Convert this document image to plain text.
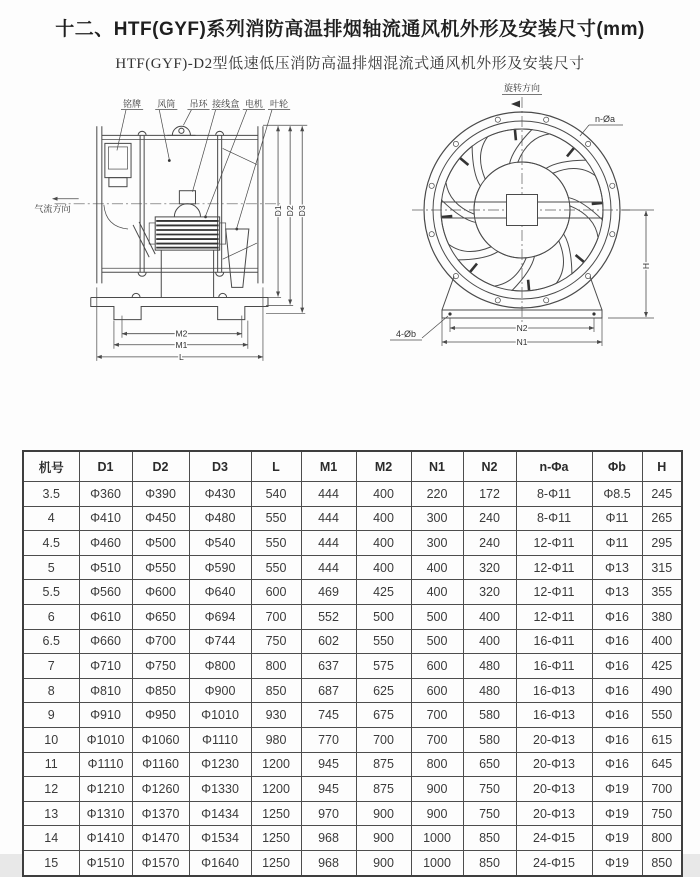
十二、HTF(GYF)系列消防高温排烟轴流通风机外形及安装尺寸(mm)
HTF(GYF)-D2型低速低压消防高温排烟混流式通风机外形及安装尺寸
铭牌 风筒 吊环 接线盒 电机 叶轮
气流方向	D1 D2 D3
M2
M1
L
旋转方向
n-Øa
4-Øb
N2
N1
H
机号	D1	D2	D3	L	M1	M2	N1	N2	n-Φa	Φb	H
3.5	Φ360	Φ390	Φ430	540	444	400	220	172	8-Φ11	Φ8.5	245
4	Φ410	Φ450	Φ480	550	444	400	300	240	8-Φ11	Φ11	265
4.5	Φ460	Φ500	Φ540	550	444	400	300	240	12-Φ11	Φ11	295
5	Φ510	Φ550	Φ590	550	444	400	400	320	12-Φ11	Φ13	315
5.5	Φ560	Φ600	Φ640	600	469	425	400	320	12-Φ11	Φ13	355
6	Φ610	Φ650	Φ694	700	552	500	500	400	12-Φ11	Φ16	380
6.5	Φ660	Φ700	Φ744	750	602	550	500	400	16-Φ11	Φ16	400
7	Φ710	Φ750	Φ800	800	637	575	600	480	16-Φ11	Φ16	425
8	Φ810	Φ850	Φ900	850	687	625	600	480	16-Φ13	Φ16	490
9	Φ910	Φ950	Φ1010	930	745	675	700	580	16-Φ13	Φ16	550
10	Φ1010	Φ1060	Φ1110	980	770	700	700	580	20-Φ13	Φ16	615
11	Φ1110	Φ1160	Φ1230	1200	945	875	800	650	20-Φ13	Φ16	645
12	Φ1210	Φ1260	Φ1330	1200	945	875	900	750	20-Φ13	Φ19	700
13	Φ1310	Φ1370	Φ1434	1250	970	900	900	750	20-Φ13	Φ19	750
14	Φ1410	Φ1470	Φ1534	1250	968	900	1000	850	24-Φ15	Φ19	800
15	Φ1510	Φ1570	Φ1640	1250	968	900	1000	850	24-Φ15	Φ19	850
